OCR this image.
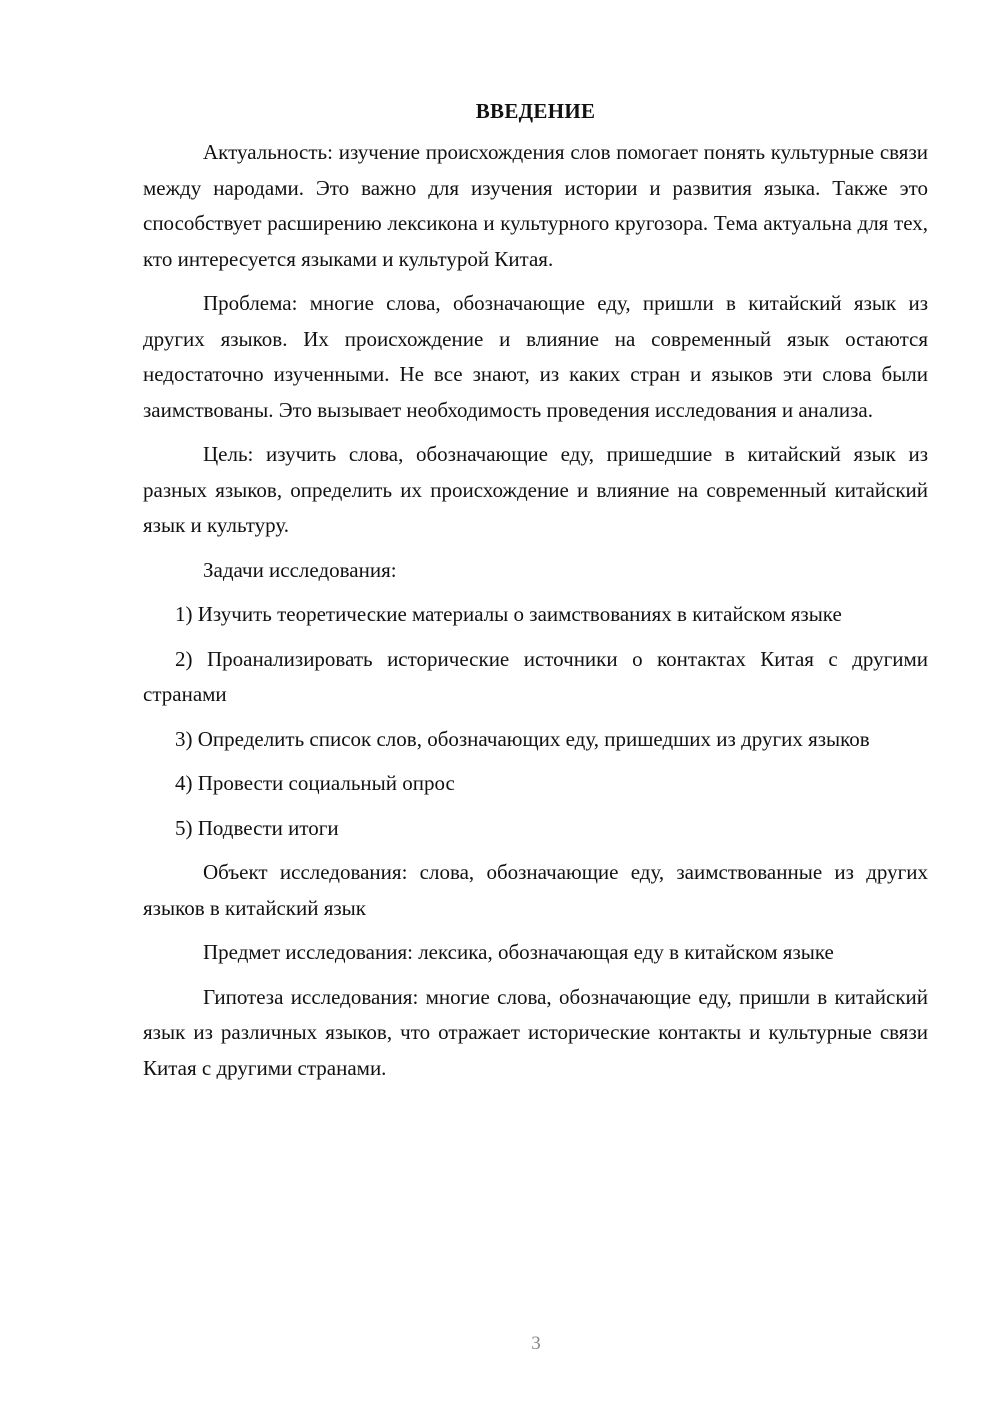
ВВЕДЕНИЕ

Актуальность: изучение происхождения слов помогает понять культурные связи между народами. Это важно для изучения истории и развития языка. Также это способствует расширению лексикона и культурного кругозора. Тема актуальна для тех, кто интересуется языками и культурой Китая.

Проблема: многие слова, обозначающие еду, пришли в китайский язык из других языков. Их происхождение и влияние на современный язык остаются недостаточно изученными. Не все знают, из каких стран и языков эти слова были заимствованы. Это вызывает необходимость проведения исследования и анализа.

Цель: изучить слова, обозначающие еду, пришедшие в китайский язык из разных языков, определить их происхождение и влияние на современный китайский язык и культуру.

Задачи исследования:

1) Изучить теоретические материалы о заимствованиях в китайском языке

2) Проанализировать исторические источники о контактах Китая с другими странами

3) Определить список слов, обозначающих еду, пришедших из других языков

4) Провести социальный опрос

5) Подвести итоги

Объект исследования: слова, обозначающие еду, заимствованные из других языков в китайский язык

Предмет исследования: лексика, обозначающая еду в китайском языке

Гипотеза исследования: многие слова, обозначающие еду, пришли в китайский язык из различных языков, что отражает исторические контакты и культурные связи Китая с другими странами.

3
